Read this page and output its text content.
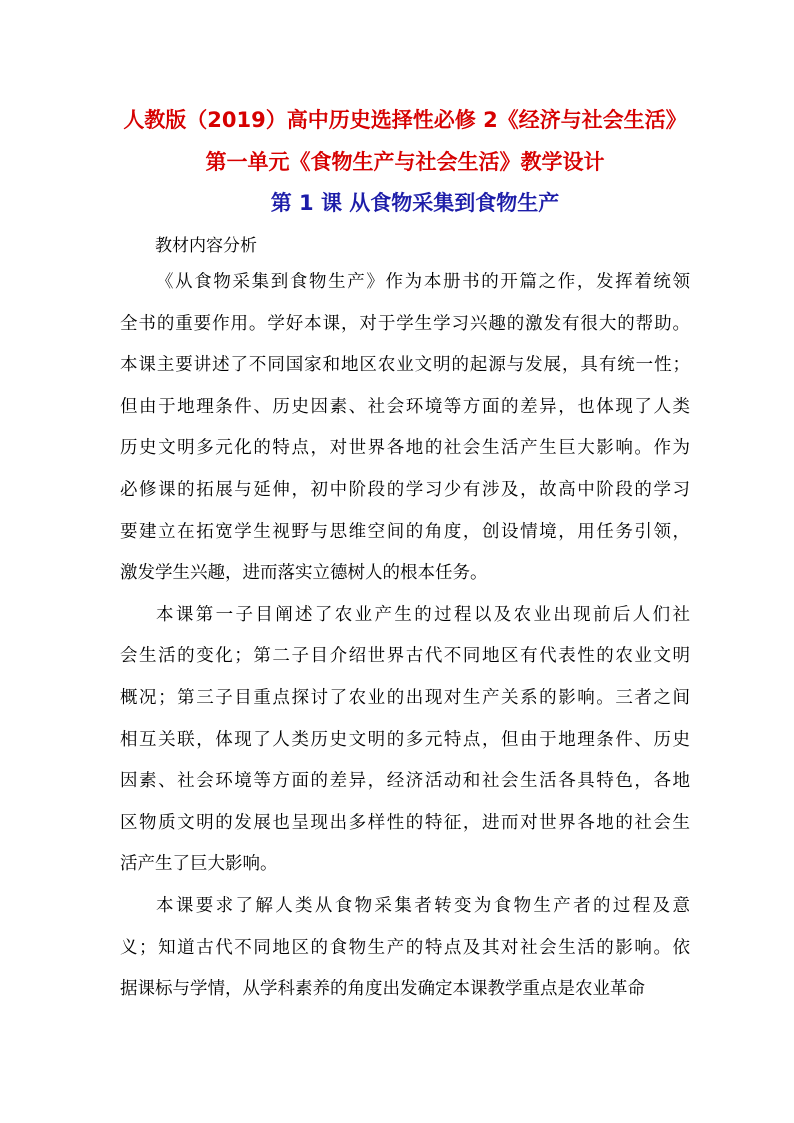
人教版（2019）高中历史选择性必修 2《经济与社会生活》
第一单元《食物生产与社会生活》教学设计
第 1 课 从食物采集到食物生产
教材内容分析
《从食物采集到食物生产》作为本册书的开篇之作，发挥着统领
全书的重要作用。学好本课，对于学生学习兴趣的激发有很大的帮助。
本课主要讲述了不同国家和地区农业文明的起源与发展，具有统一性；
但由于地理条件、历史因素、社会环境等方面的差异，也体现了人类
历史文明多元化的特点，对世界各地的社会生活产生巨大影响。作为
必修课的拓展与延伸，初中阶段的学习少有涉及，故高中阶段的学习
要建立在拓宽学生视野与思维空间的角度，创设情境，用任务引领，
激发学生兴趣，进而落实立德树人的根本任务。
本课第一子目阐述了农业产生的过程以及农业出现前后人们社
会生活的变化；第二子目介绍世界古代不同地区有代表性的农业文明
概况；第三子目重点探讨了农业的出现对生产关系的影响。三者之间
相互关联，体现了人类历史文明的多元特点，但由于地理条件、历史
因素、社会环境等方面的差异，经济活动和社会生活各具特色，各地
区物质文明的发展也呈现出多样性的特征，进而对世界各地的社会生
活产生了巨大影响。
本课要求了解人类从食物采集者转变为食物生产者的过程及意
义；知道古代不同地区的食物生产的特点及其对社会生活的影响。依
据课标与学情，从学科素养的角度出发确定本课教学重点是农业革命
